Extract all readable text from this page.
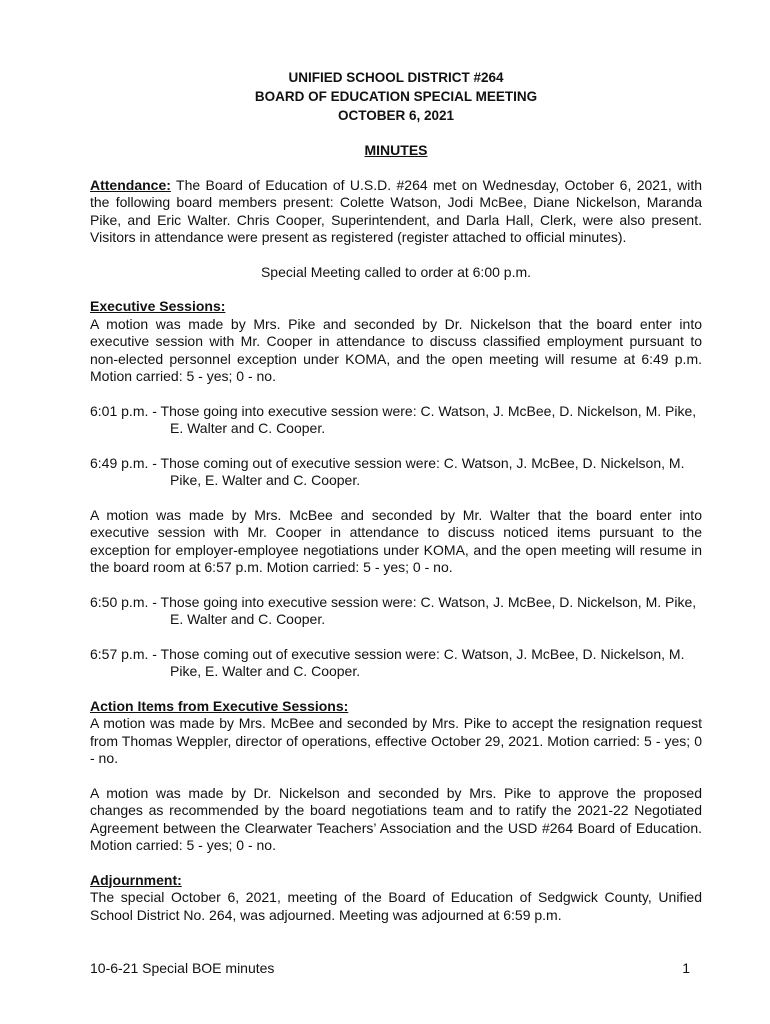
UNIFIED SCHOOL DISTRICT #264
BOARD OF EDUCATION SPECIAL MEETING
OCTOBER 6, 2021
MINUTES

Attendance: The Board of Education of U.S.D. #264 met on Wednesday, October 6, 2021, with the following board members present: Colette Watson, Jodi McBee, Diane Nickelson, Maranda Pike, and Eric Walter. Chris Cooper, Superintendent, and Darla Hall, Clerk, were also present. Visitors in attendance were present as registered (register attached to official minutes).

Special Meeting called to order at 6:00 p.m.

Executive Sessions:

A motion was made by Mrs. Pike and seconded by Dr. Nickelson that the board enter into executive session with Mr. Cooper in attendance to discuss classified employment pursuant to non-elected personnel exception under KOMA, and the open meeting will resume at 6:49 p.m. Motion carried: 5 - yes; 0 - no.

6:01 p.m. - Those going into executive session were: C. Watson, J. McBee, D. Nickelson, M. Pike, E. Walter and C. Cooper.

6:49 p.m. - Those coming out of executive session were: C. Watson, J. McBee, D. Nickelson, M. Pike, E. Walter and C. Cooper.

A motion was made by Mrs. McBee and seconded by Mr. Walter that the board enter into executive session with Mr. Cooper in attendance to discuss noticed items pursuant to the exception for employer-employee negotiations under KOMA, and the open meeting will resume in the board room at 6:57 p.m. Motion carried: 5 - yes; 0 - no.

6:50 p.m. - Those going into executive session were: C. Watson, J. McBee, D. Nickelson, M. Pike, E. Walter and C. Cooper.

6:57 p.m. - Those coming out of executive session were: C. Watson, J. McBee, D. Nickelson, M. Pike, E. Walter and C. Cooper.

Action Items from Executive Sessions:

A motion was made by Mrs. McBee and seconded by Mrs. Pike to accept the resignation request from Thomas Weppler, director of operations, effective October 29, 2021. Motion carried: 5 - yes; 0 - no.

A motion was made by Dr. Nickelson and seconded by Mrs. Pike to approve the proposed changes as recommended by the board negotiations team and to ratify the 2021-22 Negotiated Agreement between the Clearwater Teachers’ Association and the USD #264 Board of Education. Motion carried: 5 - yes; 0 - no.

Adjournment:

The special October 6, 2021, meeting of the Board of Education of Sedgwick County, Unified School District No. 264, was adjourned. Meeting was adjourned at 6:59 p.m.

10-6-21 Special BOE minutes	1
